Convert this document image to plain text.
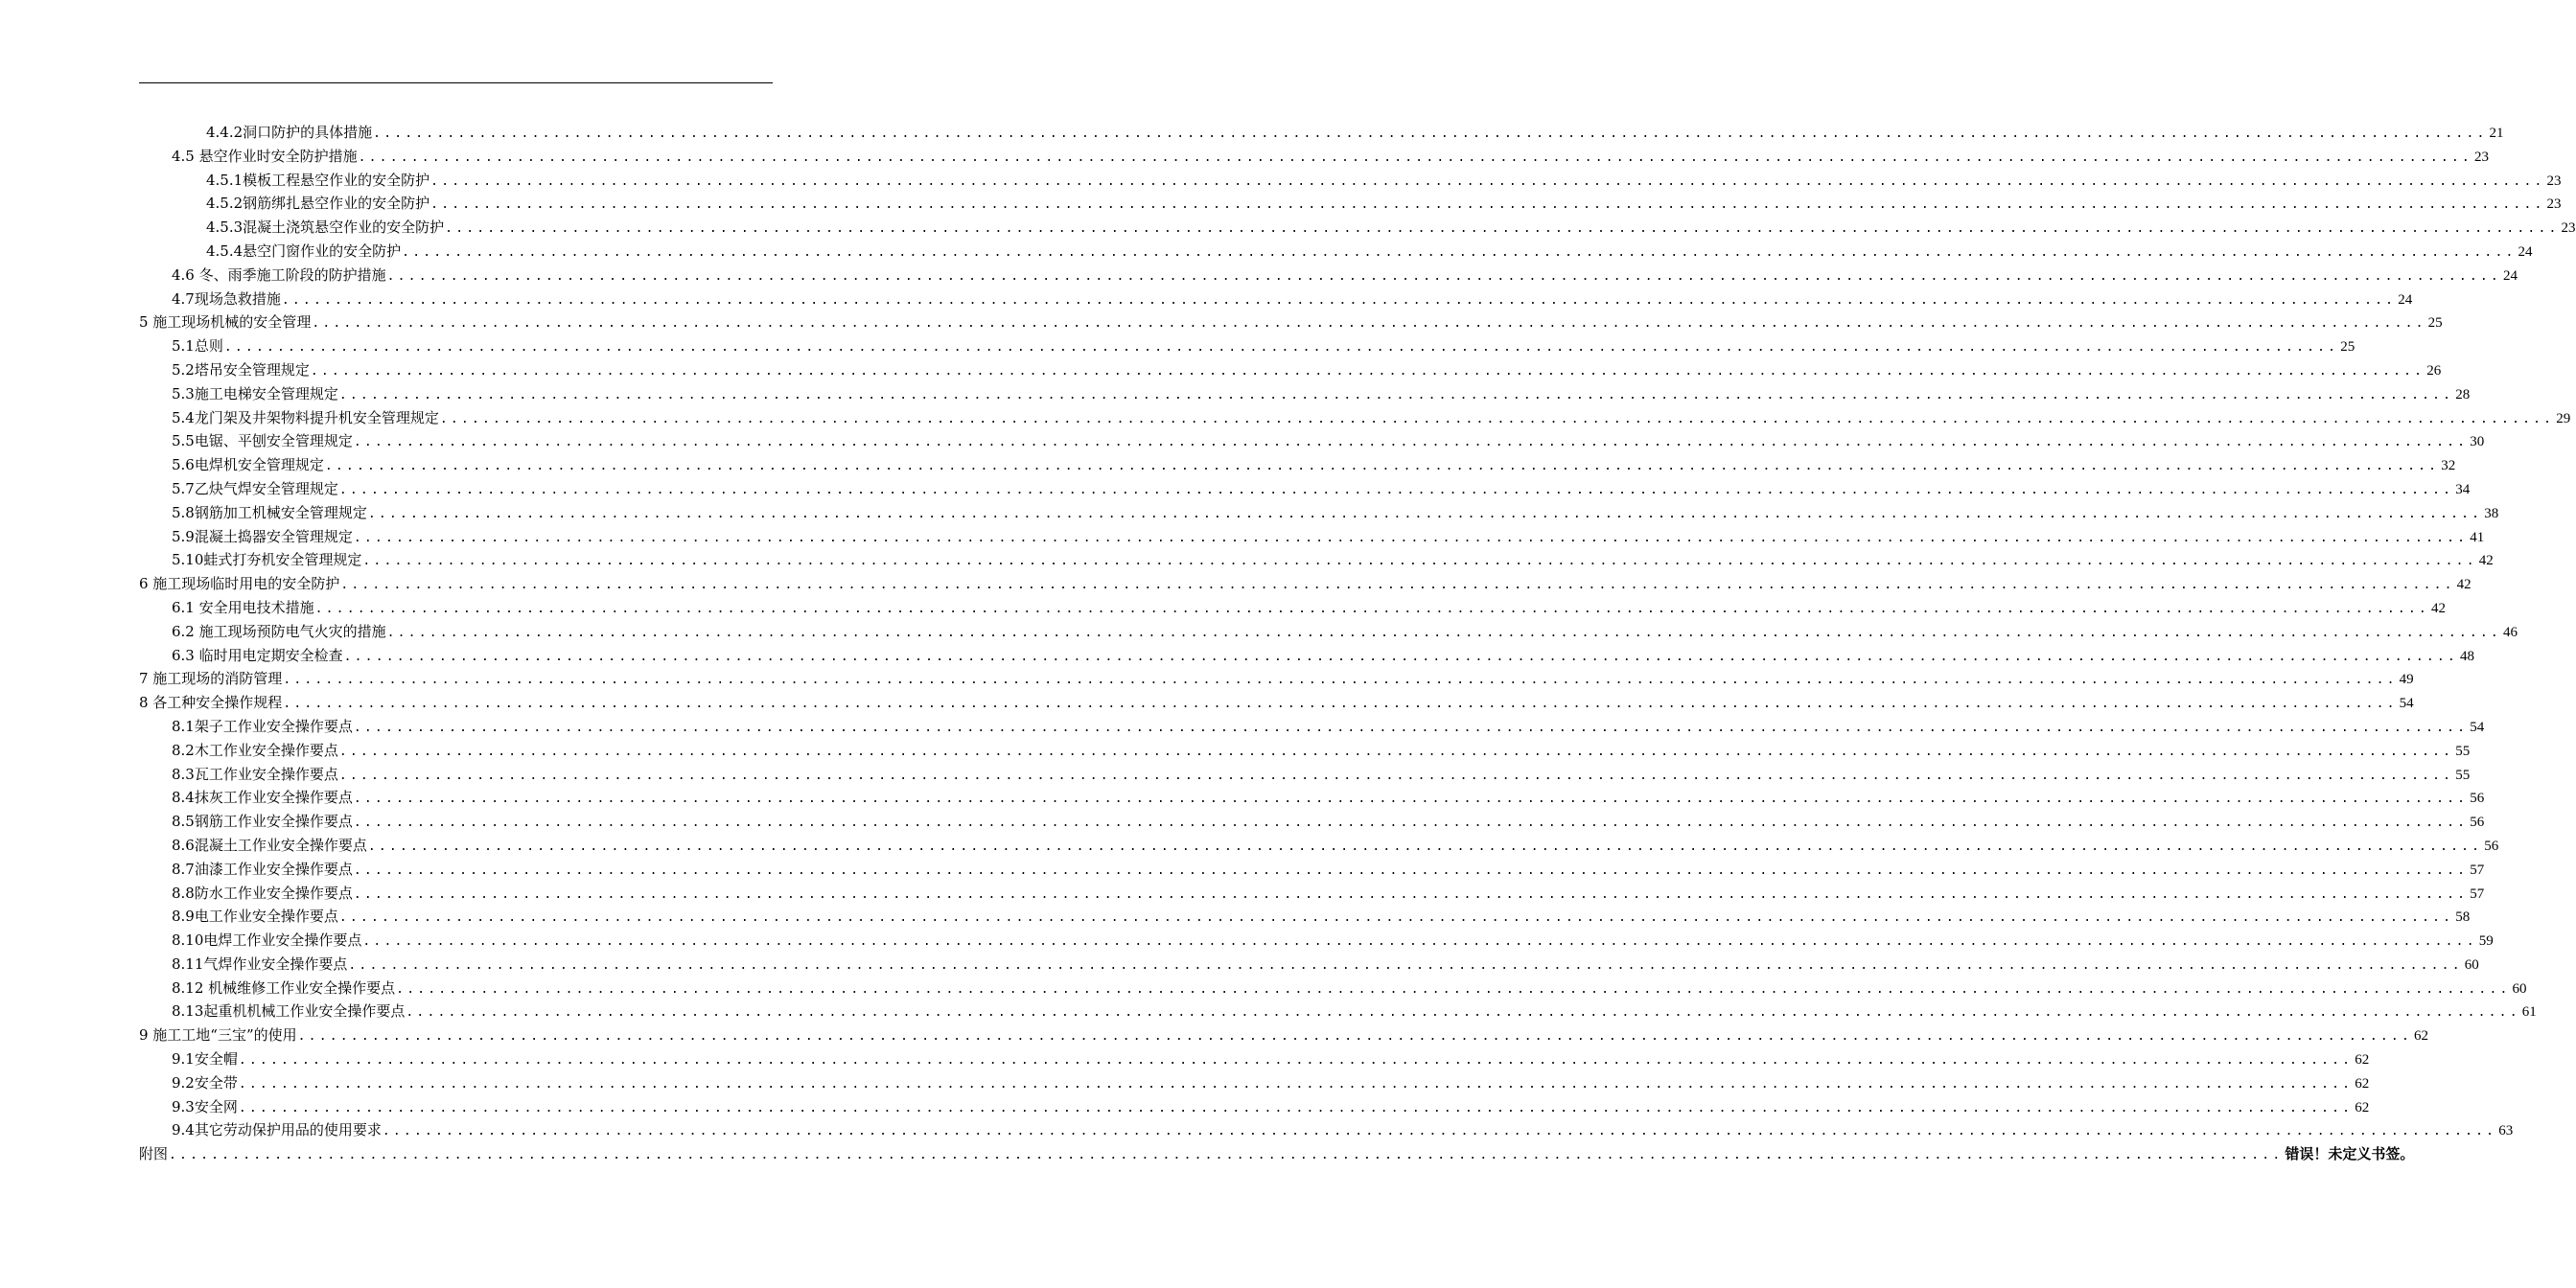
4.4.2洞口防护的具体措施 ........................................................................................................................................................................................................ 21
4.5 悬空作业时安全防护措施 ........................................................................................................................................................................................................ 23
4.5.1模板工程悬空作业的安全防护 ........................................................................................................................................................................................................ 23
4.5.2钢筋绑扎悬空作业的安全防护 ........................................................................................................................................................................................................ 23
4.5.3混凝土浇筑悬空作业的安全防护 ........................................................................................................................................................................................................ 23
4.5.4悬空门窗作业的安全防护 ........................................................................................................................................................................................................ 24
4.6 冬、雨季施工阶段的防护措施 ........................................................................................................................................................................................................ 24
4.7现场急救措施 ........................................................................................................................................................................................................ 24
5 施工现场机械的安全管理 ........................................................................................................................................................................................................ 25
5.1总则 ........................................................................................................................................................................................................ 25
5.2塔吊安全管理规定 ........................................................................................................................................................................................................ 26
5.3施工电梯安全管理规定 ........................................................................................................................................................................................................ 28
5.4龙门架及井架物料提升机安全管理规定 ........................................................................................................................................................................................................ 29
5.5电锯、平刨安全管理规定 ........................................................................................................................................................................................................ 30
5.6电焊机安全管理规定 ........................................................................................................................................................................................................ 32
5.7乙炔气焊安全管理规定 ........................................................................................................................................................................................................ 34
5.8钢筋加工机械安全管理规定 ........................................................................................................................................................................................................ 38
5.9混凝土捣器安全管理规定 ........................................................................................................................................................................................................ 41
5.10蛙式打夯机安全管理规定 ........................................................................................................................................................................................................ 42
6 施工现场临时用电的安全防护 ........................................................................................................................................................................................................ 42
6.1 安全用电技术措施 ........................................................................................................................................................................................................ 42
6.2 施工现场预防电气火灾的措施 ........................................................................................................................................................................................................ 46
6.3 临时用电定期安全检查 ........................................................................................................................................................................................................ 48
7 施工现场的消防管理 ........................................................................................................................................................................................................ 49
8 各工种安全操作规程 ........................................................................................................................................................................................................ 54
8.1架子工作业安全操作要点 ........................................................................................................................................................................................................ 54
8.2木工作业安全操作要点 ........................................................................................................................................................................................................ 55
8.3瓦工作业安全操作要点 ........................................................................................................................................................................................................ 55
8.4抹灰工作业安全操作要点 ........................................................................................................................................................................................................ 56
8.5钢筋工作业安全操作要点 ........................................................................................................................................................................................................ 56
8.6混凝土工作业安全操作要点 ........................................................................................................................................................................................................ 56
8.7油漆工作业安全操作要点 ........................................................................................................................................................................................................ 57
8.8防水工作业安全操作要点 ........................................................................................................................................................................................................ 57
8.9电工作业安全操作要点 ........................................................................................................................................................................................................ 58
8.10电焊工作业安全操作要点 ........................................................................................................................................................................................................ 59
8.11气焊作业安全操作要点 ........................................................................................................................................................................................................ 60
8.12 机械维修工作业安全操作要点 ........................................................................................................................................................................................................ 60
8.13起重机机械工作业安全操作要点 ........................................................................................................................................................................................................ 61
9 施工工地“三宝”的使用 ........................................................................................................................................................................................................ 62
9.1安全帽 ........................................................................................................................................................................................................ 62
9.2安全带 ........................................................................................................................................................................................................ 62
9.3安全网 ........................................................................................................................................................................................................ 62
9.4其它劳动保护用品的使用要求 ........................................................................................................................................................................................................ 63
附图 ........................................................................................................................................................................................................ 错误！未定义书签。
